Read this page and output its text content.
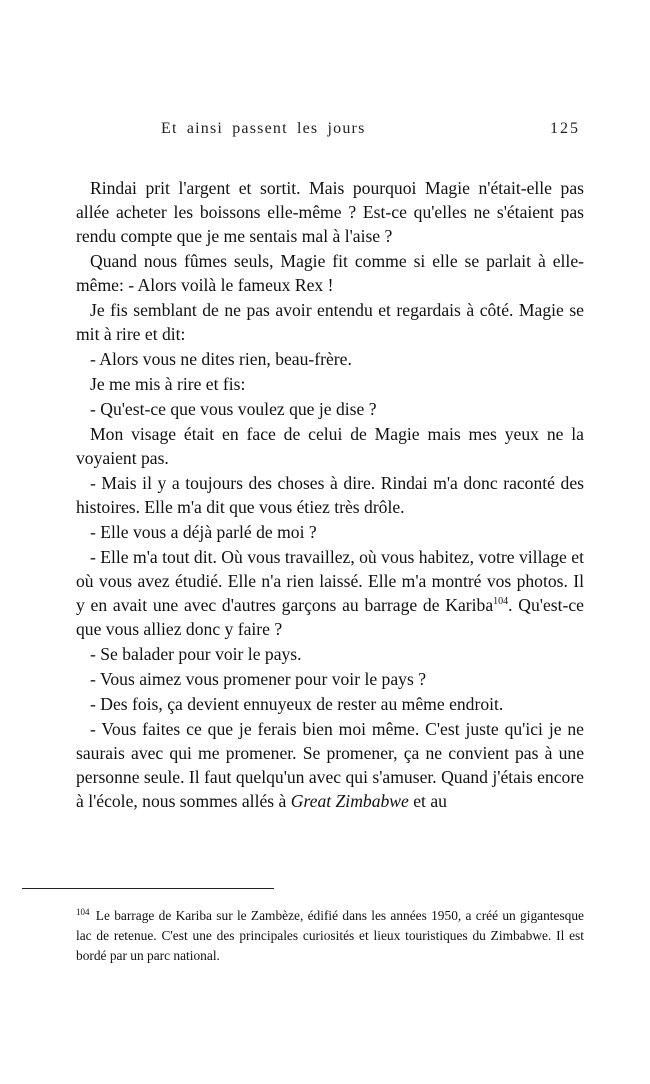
Et ainsi passent les jours	125

Rindai prit l'argent et sortit. Mais pourquoi Magie n'était-elle pas allée acheter les boissons elle-même ? Est-ce qu'elles ne s'étaient pas rendu compte que je me sentais mal à l'aise ?

Quand nous fûmes seuls, Magie fit comme si elle se parlait à elle-même: - Alors voilà le fameux Rex !

Je fis semblant de ne pas avoir entendu et regardais à côté. Magie se mit à rire et dit:

- Alors vous ne dites rien, beau-frère.

Je me mis à rire et fis:

- Qu'est-ce que vous voulez que je dise ?

Mon visage était en face de celui de Magie mais mes yeux ne la voyaient pas.

- Mais il y a toujours des choses à dire. Rindai m'a donc raconté des histoires. Elle m'a dit que vous étiez très drôle.

- Elle vous a déjà parlé de moi ?

- Elle m'a tout dit. Où vous travaillez, où vous habitez, votre village et où vous avez étudié. Elle n'a rien laissé. Elle m'a montré vos photos. Il y en avait une avec d'autres garçons au barrage de Kariba$^{104}$. Qu'est-ce que vous alliez donc y faire ?

- Se balader pour voir le pays.

- Vous aimez vous promener pour voir le pays ?

- Des fois, ça devient ennuyeux de rester au même endroit.

- Vous faites ce que je ferais bien moi même. C'est juste qu'ici je ne saurais avec qui me promener. Se promener, ça ne convient pas à une personne seule. Il faut quelqu'un avec qui s'amuser. Quand j'étais encore à l'école, nous sommes allés à Great Zimbabwe et au

$^{104}$ Le barrage de Kariba sur le Zambèze, édifié dans les années 1950, a créé un gigantesque lac de retenue. C'est une des principales curiosités et lieux touristiques du Zimbabwe. Il est bordé par un parc national.
